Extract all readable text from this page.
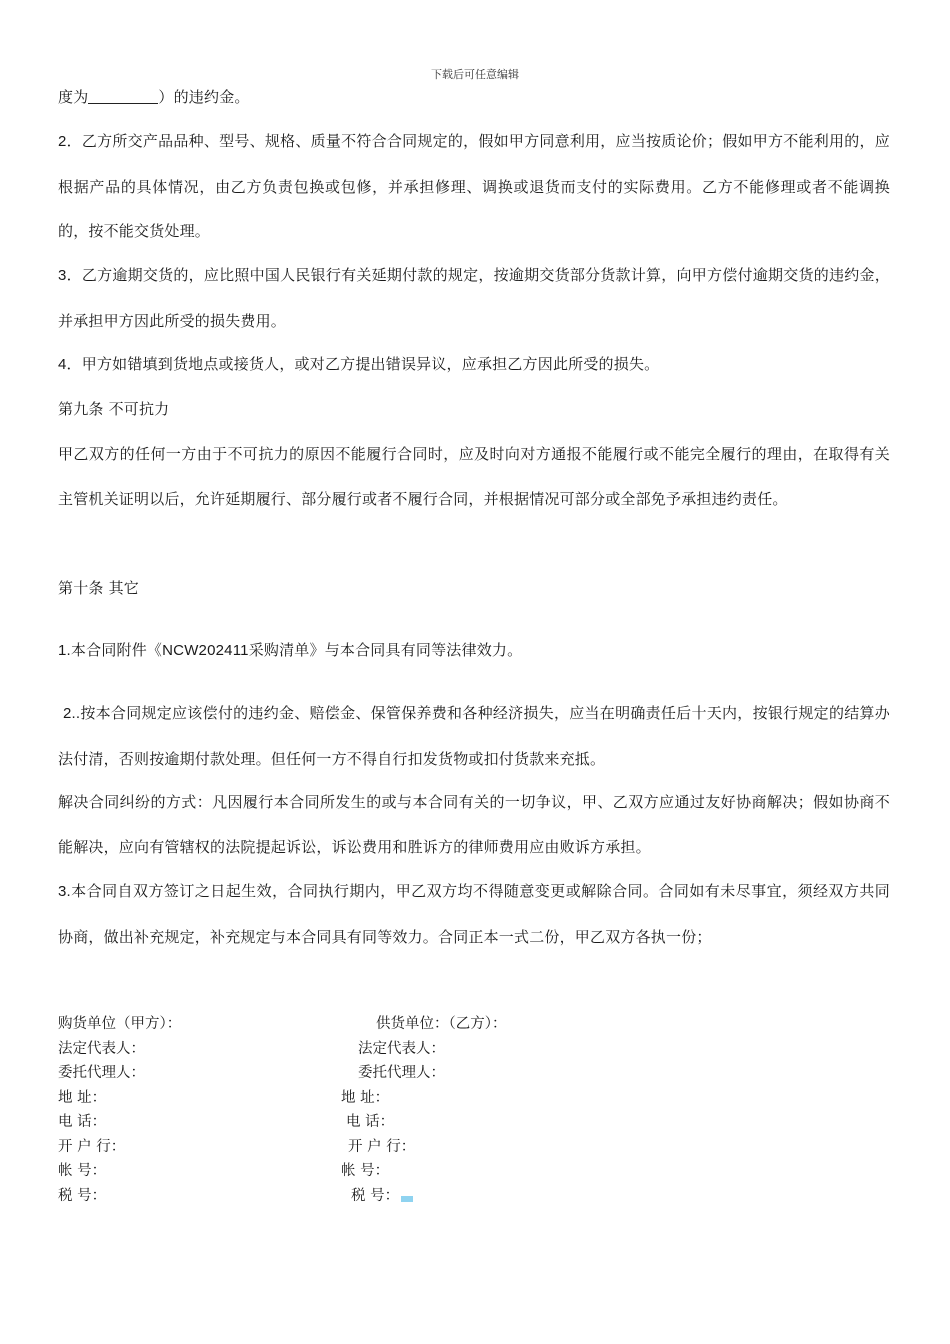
下载后可任意编辑
度为	）的违约金。
2．乙方所交产品品种、型号、规格、质量不符合合同规定的，假如甲方同意利用，应当按质论价；假如甲方不能利用的，应根据产品的具体情况，由乙方负责包换或包修，并承担修理、调换或退货而支付的实际费用。乙方不能修理或者不能调换的，按不能交货处理。
3．乙方逾期交货的，应比照中国人民银行有关延期付款的规定，按逾期交货部分货款计算，向甲方偿付逾期交货的违约金，并承担甲方因此所受的损失费用。
4．甲方如错填到货地点或接货人，或对乙方提出错误异议，应承担乙方因此所受的损失。
第九条 不可抗力
甲乙双方的任何一方由于不可抗力的原因不能履行合同时，应及时向对方通报不能履行或不能完全履行的理由，在取得有关主管机关证明以后，允许延期履行、部分履行或者不履行合同，并根据情况可部分或全部免予承担违约责任。
第十条 其它
1.本合同附件《NCW202411采购清单》与本合同具有同等法律效力。
2..按本合同规定应该偿付的违约金、赔偿金、保管保养费和各种经济损失，应当在明确责任后十天内，按银行规定的结算办法付清，否则按逾期付款处理。但任何一方不得自行扣发货物或扣付货款来充抵。
解决合同纠纷的方式：凡因履行本合同所发生的或与本合同有关的一切争议，甲、乙双方应通过友好协商解决；假如协商不能解决，应向有管辖权的法院提起诉讼，诉讼费用和胜诉方的律师费用应由败诉方承担。
3.本合同自双方签订之日起生效，合同执行期内，甲乙双方均不得随意变更或解除合同。合同如有未尽事宜，须经双方共同协商，做出补充规定，补充规定与本合同具有同等效力。合同正本一式二份，甲乙双方各执一份；
购货单位（甲方）：
法定代表人：
委托代理人：
地 址：
电 话：
开 户 行：
帐 号：
税 号：
供货单位：（乙方）：
法定代表人：
委托代理人：
地 址：
电 话：
开 户 行：
帐 号：
税 号：
